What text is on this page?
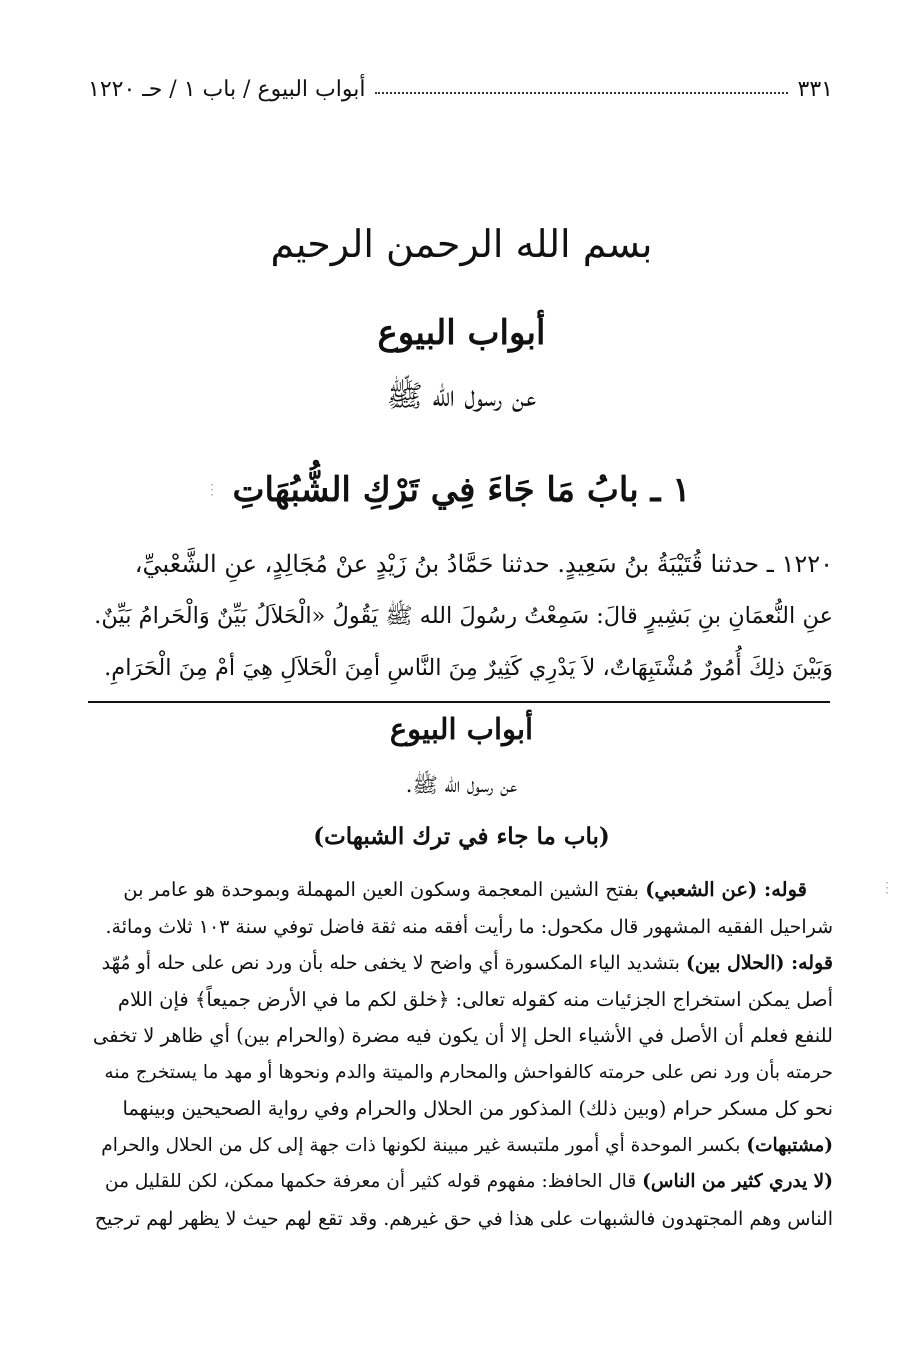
أبواب البيوع / باب ١ / حـ ١٢٢٠	٣٣١
بسم الله الرحمن الرحيم
أبواب البيوع
عن رسول الله ﷺ
١ ـ بابُ مَا جَاءَ فِي تَرْكِ الشُّبُهَاتِ

١٢٢٠ ـ حدثنا قُتَيْبَةُ بنُ سَعِيدٍ. حدثنا حَمَّادُ بنُ زَيْدٍ عنْ مُجَالِدٍ، عنِ الشَّعْبيِّ،

عنِ النُّعمَانِ بنِ بَشِيرٍ قالَ: سَمِعْتُ رسُولَ الله ﷺ يَقُولُ «الْحَلاَلُ بَيِّنٌ وَالْحَرامُ بَيِّنٌ.

وَبَيْنَ ذلِكَ أُمُورٌ مُشْتَبِهَاتٌ، لاَ يَدْرِي كَثِيرٌ مِنَ النَّاسِ أمِنَ الْحَلاَلِ هِيَ أمْ مِنَ الْحَرَامِ.

أبواب البيوع
عن رسول الله ﷺ.
(باب ما جاء في ترك الشبهات)

قوله: (عن الشعبي) بفتح الشين المعجمة وسكون العين المهملة وبموحدة هو عامر بن

شراحيل الفقيه المشهور قال مكحول: ما رأيت أفقه منه ثقة فاضل توفي سنة ١٠٣ ثلاث ومائة.

قوله: (الحلال بين) بتشديد الياء المكسورة أي واضح لا يخفى حله بأن ورد نص على حله أو مُهّد

أصل يمكن استخراج الجزئيات منه كقوله تعالى: ﴿خلق لكم ما في الأرض جميعاً﴾ فإن اللام

للنفع فعلم أن الأصل في الأشياء الحل إلا أن يكون فيه مضرة (والحرام بين) أي ظاهر لا تخفى

حرمته بأن ورد نص على حرمته كالفواحش والمحارم والميتة والدم ونحوها أو مهد ما يستخرج منه

نحو كل مسكر حرام (وبين ذلك) المذكور من الحلال والحرام وفي رواية الصحيحين وبينهما

(مشتبهات) بكسر الموحدة أي أمور ملتبسة غير مبينة لكونها ذات جهة إلى كل من الحلال والحرام

(لا يدري كثير من الناس) قال الحافظ: مفهوم قوله كثير أن معرفة حكمها ممكن، لكن للقليل من

الناس وهم المجتهدون فالشبهات على هذا في حق غيرهم. وقد تقع لهم حيث لا يظهر لهم ترجيح

⋮
⋮
